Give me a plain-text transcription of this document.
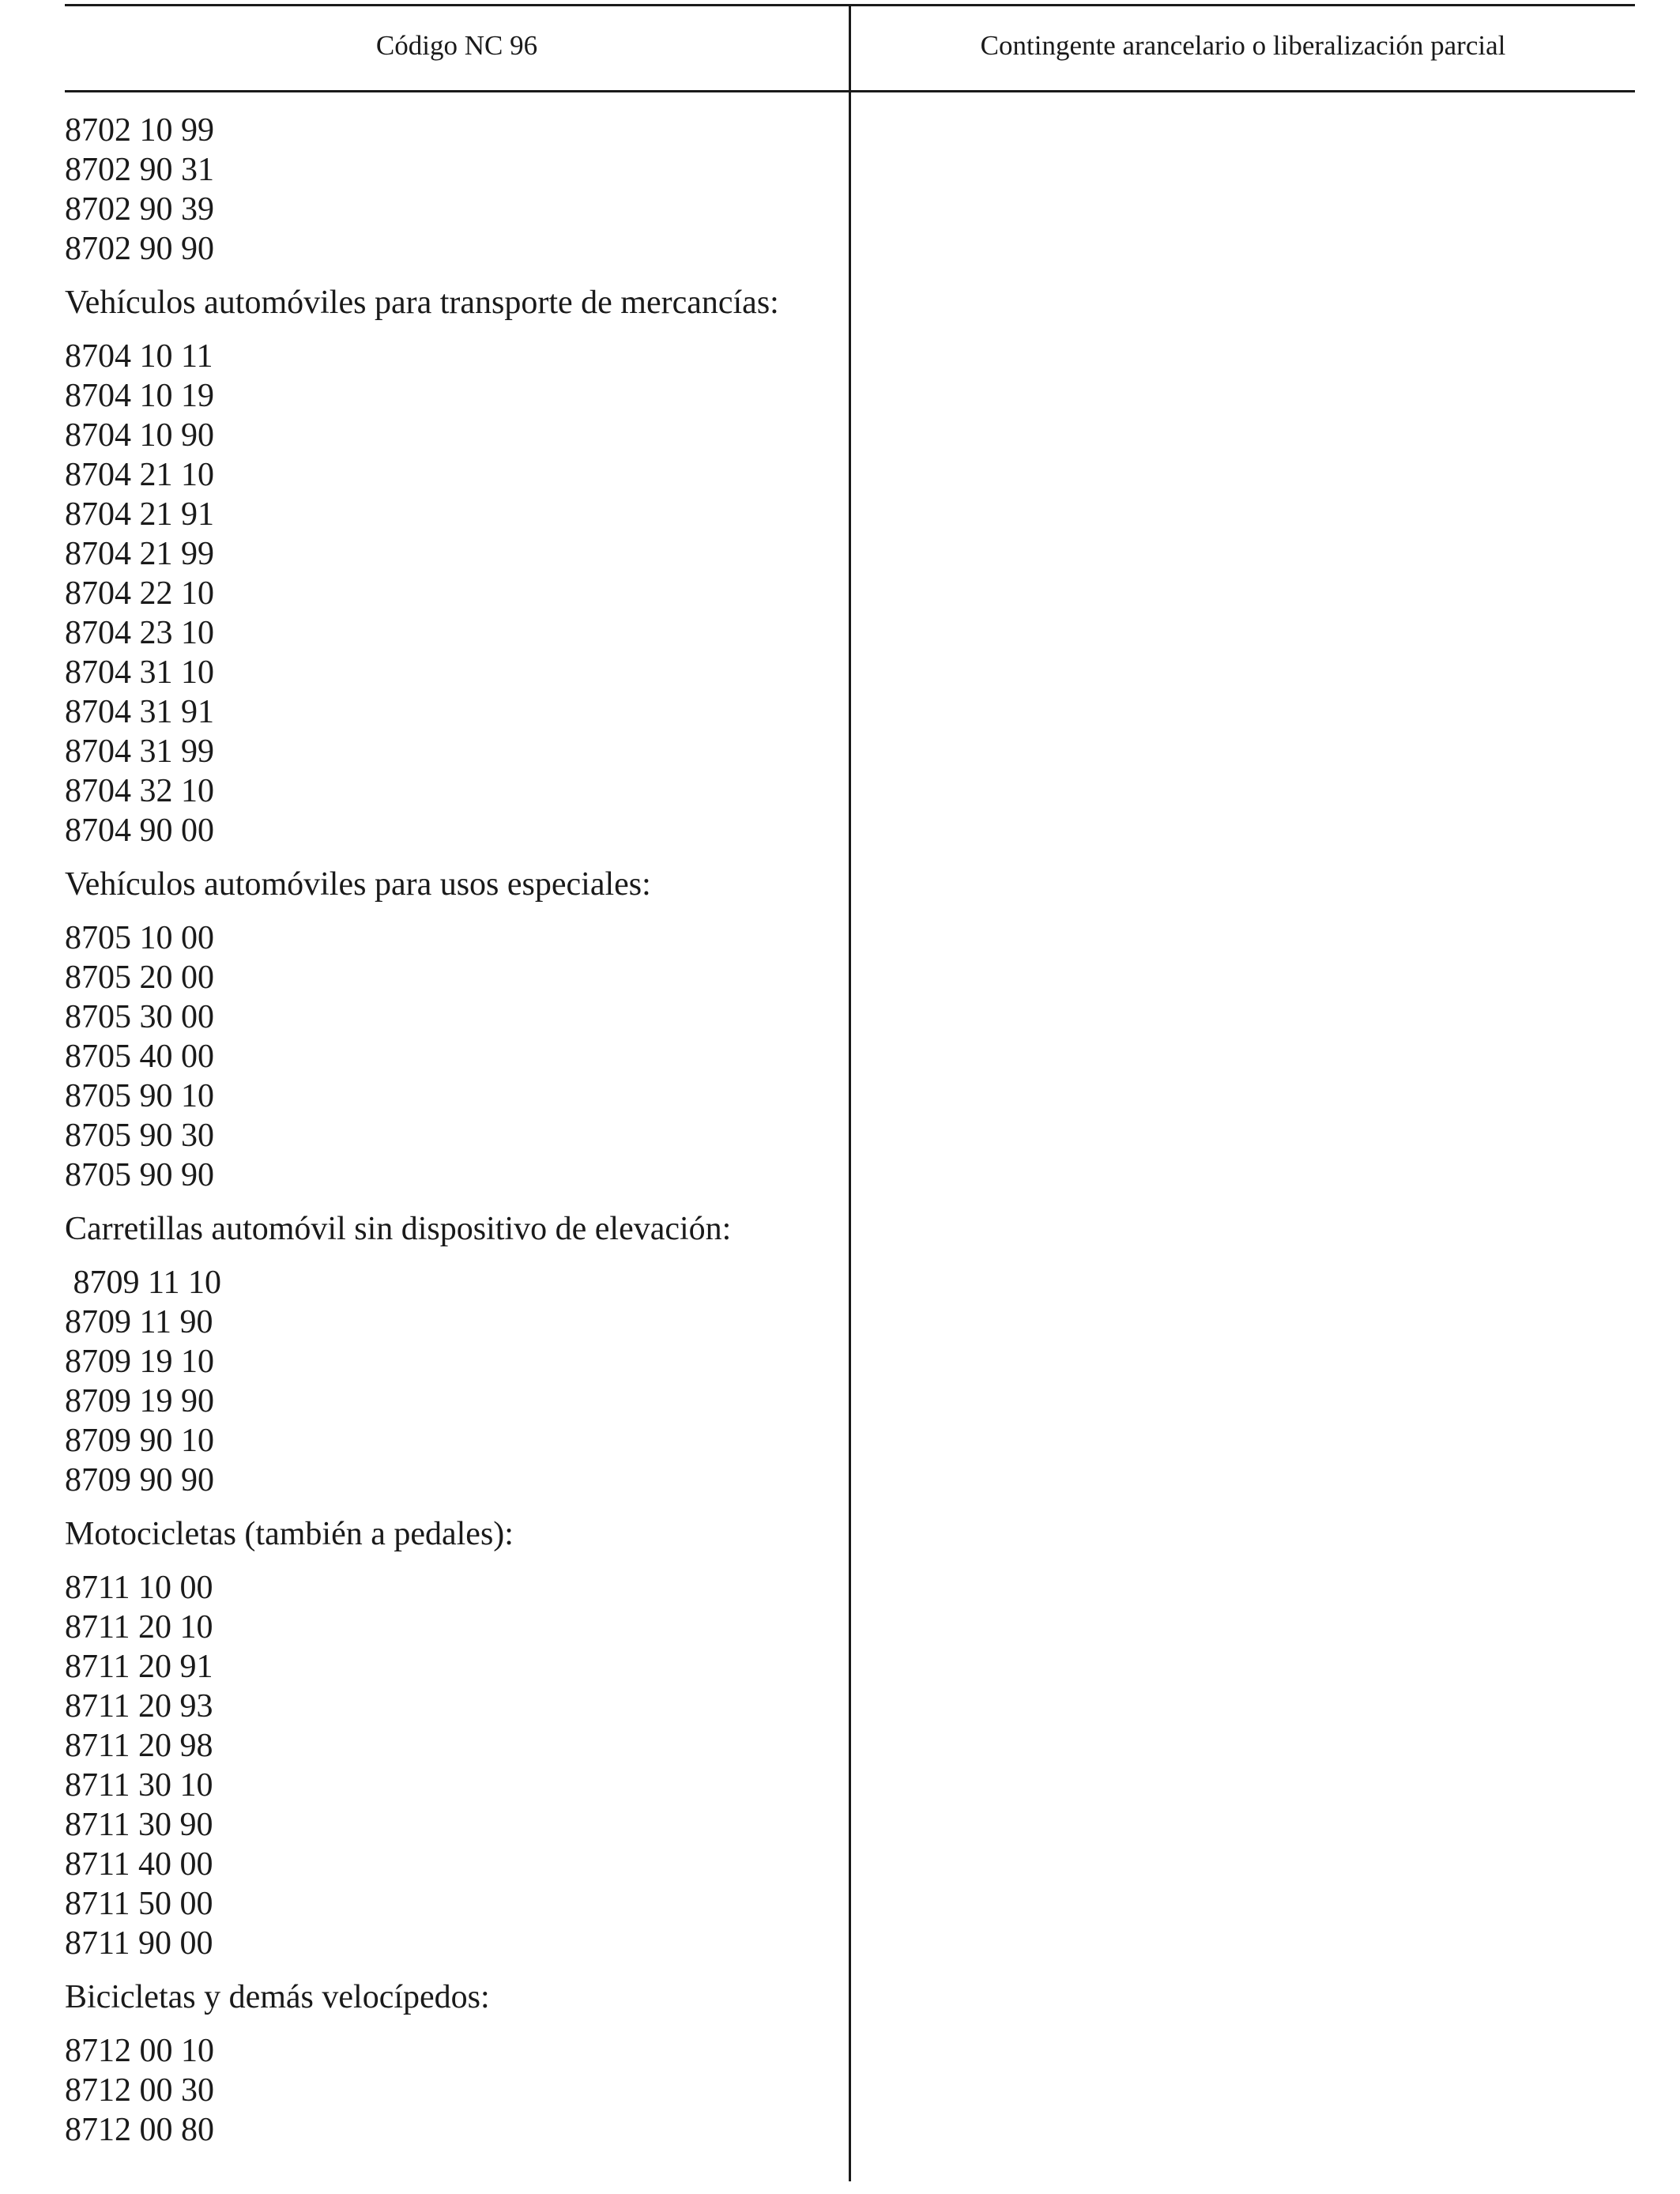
Código NC 96	Contingente arancelario o liberalización parcial
8702 10 99
8702 90 31
8702 90 39
8702 90 90
Vehículos automóviles para transporte de mercancías:
8704 10 11
8704 10 19
8704 10 90
8704 21 10
8704 21 91
8704 21 99
8704 22 10
8704 23 10
8704 31 10
8704 31 91
8704 31 99
8704 32 10
8704 90 00
Vehículos automóviles para usos especiales:
8705 10 00
8705 20 00
8705 30 00
8705 40 00
8705 90 10
8705 90 30
8705 90 90
Carretillas automóvil sin dispositivo de elevación:
8709 11 10
8709 11 90
8709 19 10
8709 19 90
8709 90 10
8709 90 90
Motocicletas (también a pedales):
8711 10 00
8711 20 10
8711 20 91
8711 20 93
8711 20 98
8711 30 10
8711 30 90
8711 40 00
8711 50 00
8711 90 00
Bicicletas y demás velocípedos:
8712 00 10
8712 00 30
8712 00 80
